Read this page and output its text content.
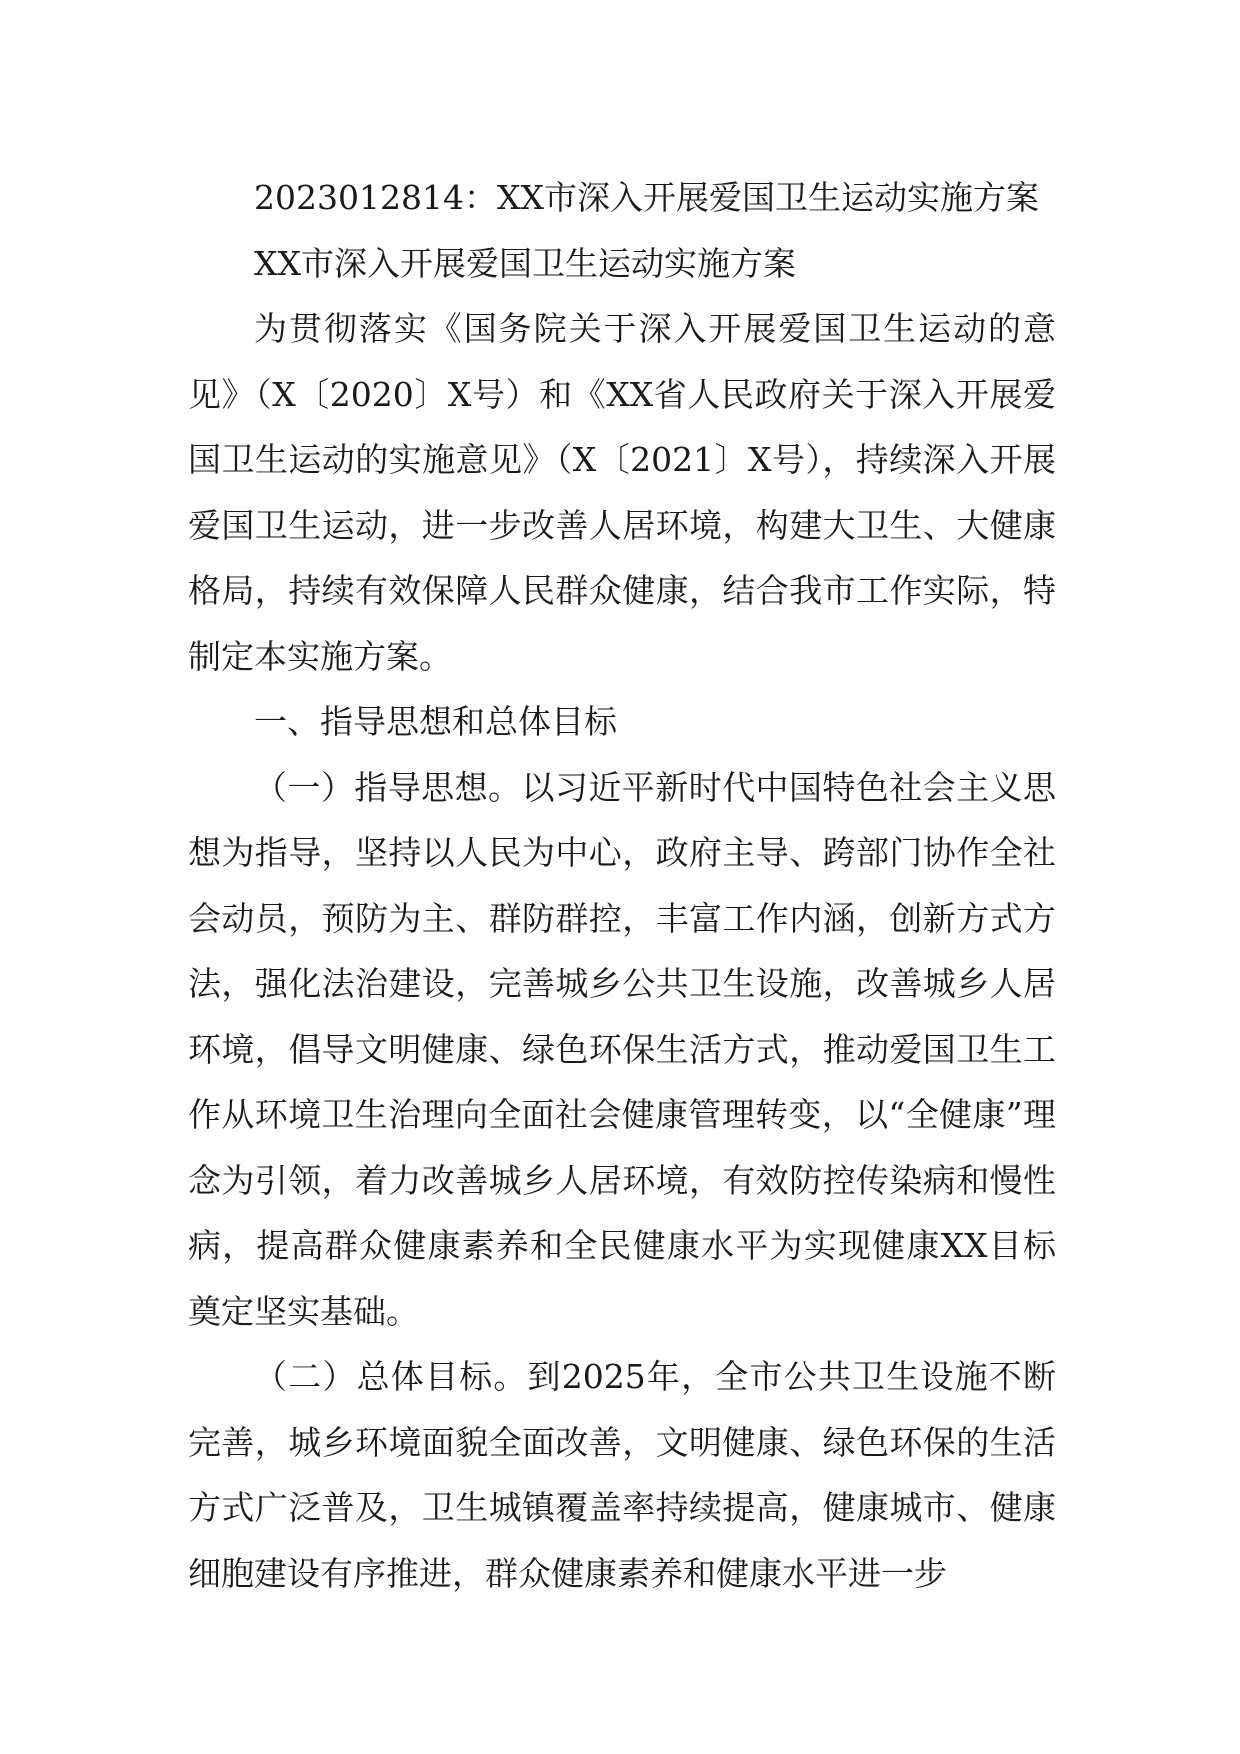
2023012814：XX市深入开展爱国卫生运动实施方案

XX市深入开展爱国卫生运动实施方案

为贯彻落实《国务院关于深入开展爱国卫生运动的意见》（X〔2020〕X号）和《XX省人民政府关于深入开展爱国卫生运动的实施意见》（X〔2021〕X号），持续深入开展爱国卫生运动，进一步改善人居环境，构建大卫生、大健康格局，持续有效保障人民群众健康，结合我市工作实际，特制定本实施方案。

一、指导思想和总体目标

（一）指导思想。以习近平新时代中国特色社会主义思想为指导，坚持以人民为中心，政府主导、跨部门协作全社会动员，预防为主、群防群控，丰富工作内涵，创新方式方法，强化法治建设，完善城乡公共卫生设施，改善城乡人居环境，倡导文明健康、绿色环保生活方式，推动爱国卫生工作从环境卫生治理向全面社会健康管理转变，以“全健康”理念为引领，着力改善城乡人居环境，有效防控传染病和慢性病，提高群众健康素养和全民健康水平为实现健康XX目标奠定坚实基础。

（二）总体目标。到2025年，全市公共卫生设施不断完善，城乡环境面貌全面改善，文明健康、绿色环保的生活方式广泛普及，卫生城镇覆盖率持续提高，健康城市、健康细胞建设有序推进，群众健康素养和健康水平进一步
